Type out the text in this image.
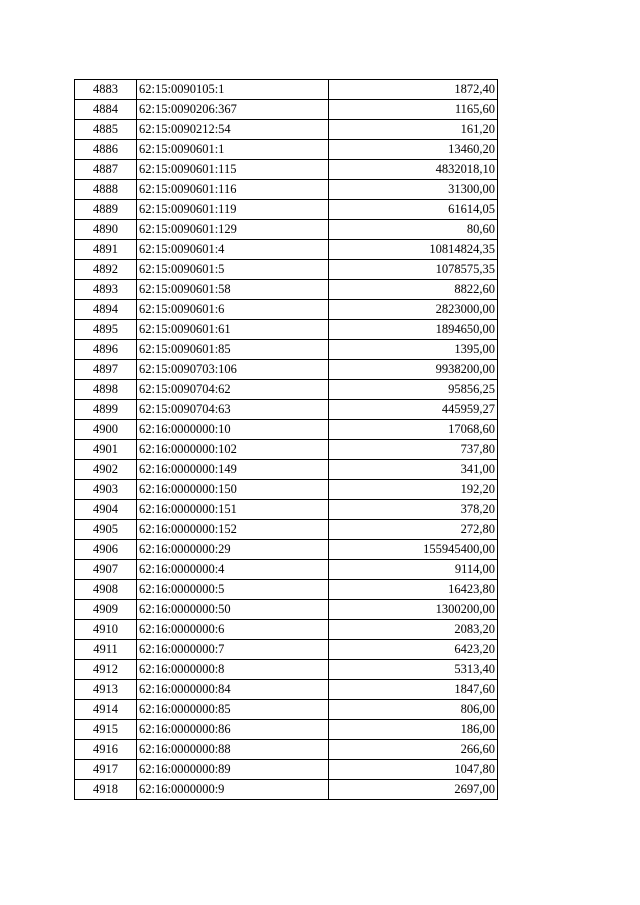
4883	62:15:0090105:1	1872,40
4884	62:15:0090206:367	1165,60
4885	62:15:0090212:54	161,20
4886	62:15:0090601:1	13460,20
4887	62:15:0090601:115	4832018,10
4888	62:15:0090601:116	31300,00
4889	62:15:0090601:119	61614,05
4890	62:15:0090601:129	80,60
4891	62:15:0090601:4	10814824,35
4892	62:15:0090601:5	1078575,35
4893	62:15:0090601:58	8822,60
4894	62:15:0090601:6	2823000,00
4895	62:15:0090601:61	1894650,00
4896	62:15:0090601:85	1395,00
4897	62:15:0090703:106	9938200,00
4898	62:15:0090704:62	95856,25
4899	62:15:0090704:63	445959,27
4900	62:16:0000000:10	17068,60
4901	62:16:0000000:102	737,80
4902	62:16:0000000:149	341,00
4903	62:16:0000000:150	192,20
4904	62:16:0000000:151	378,20
4905	62:16:0000000:152	272,80
4906	62:16:0000000:29	155945400,00
4907	62:16:0000000:4	9114,00
4908	62:16:0000000:5	16423,80
4909	62:16:0000000:50	1300200,00
4910	62:16:0000000:6	2083,20
4911	62:16:0000000:7	6423,20
4912	62:16:0000000:8	5313,40
4913	62:16:0000000:84	1847,60
4914	62:16:0000000:85	806,00
4915	62:16:0000000:86	186,00
4916	62:16:0000000:88	266,60
4917	62:16:0000000:89	1047,80
4918	62:16:0000000:9	2697,00
